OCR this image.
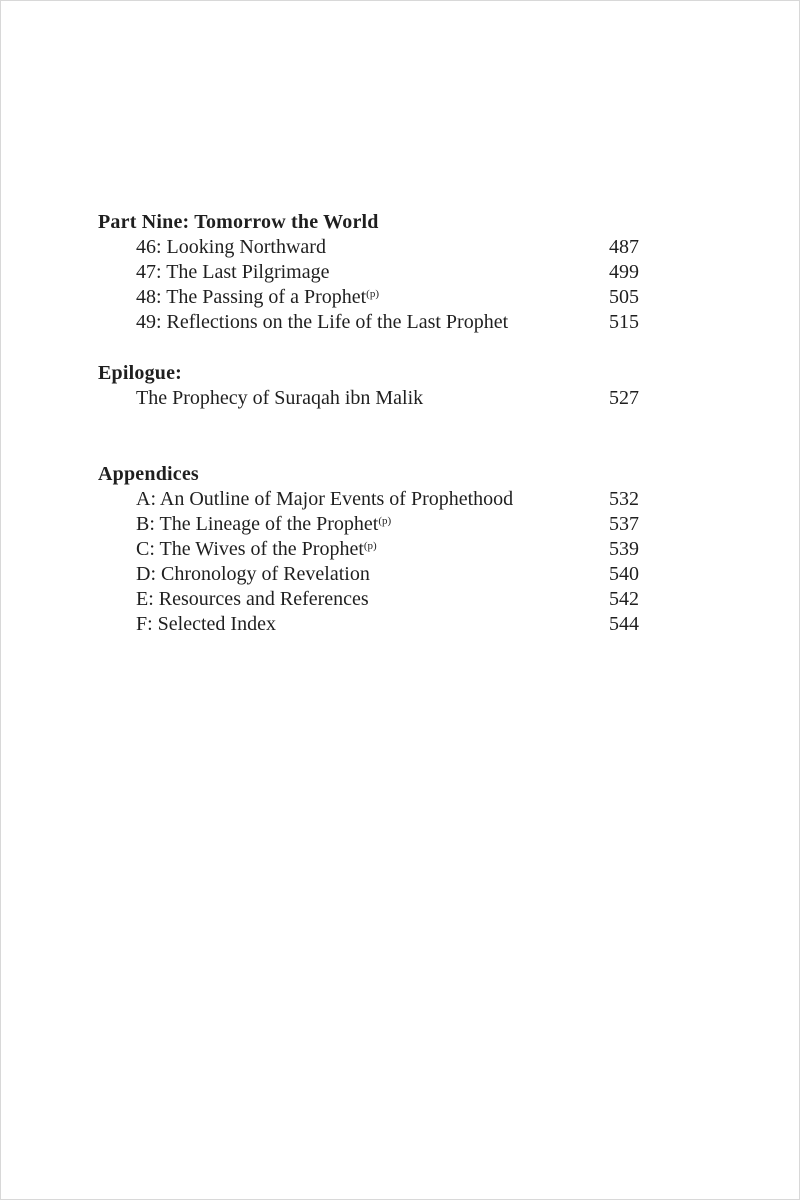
Part Nine: Tomorrow the World
46: Looking Northward	487
47: The Last Pilgrimage	499
48: The Passing of a Prophet$^{(p)}$	505
49: Reflections on the Life of the Last Prophet	515
Epilogue:
The Prophecy of Suraqah ibn Malik	527
Appendices
A: An Outline of Major Events of Prophethood	532
B: The Lineage of the Prophet$^{(p)}$	537
C: The Wives of the Prophet$^{(p)}$	539
D: Chronology of Revelation	540
E: Resources and References	542
F: Selected Index	544
